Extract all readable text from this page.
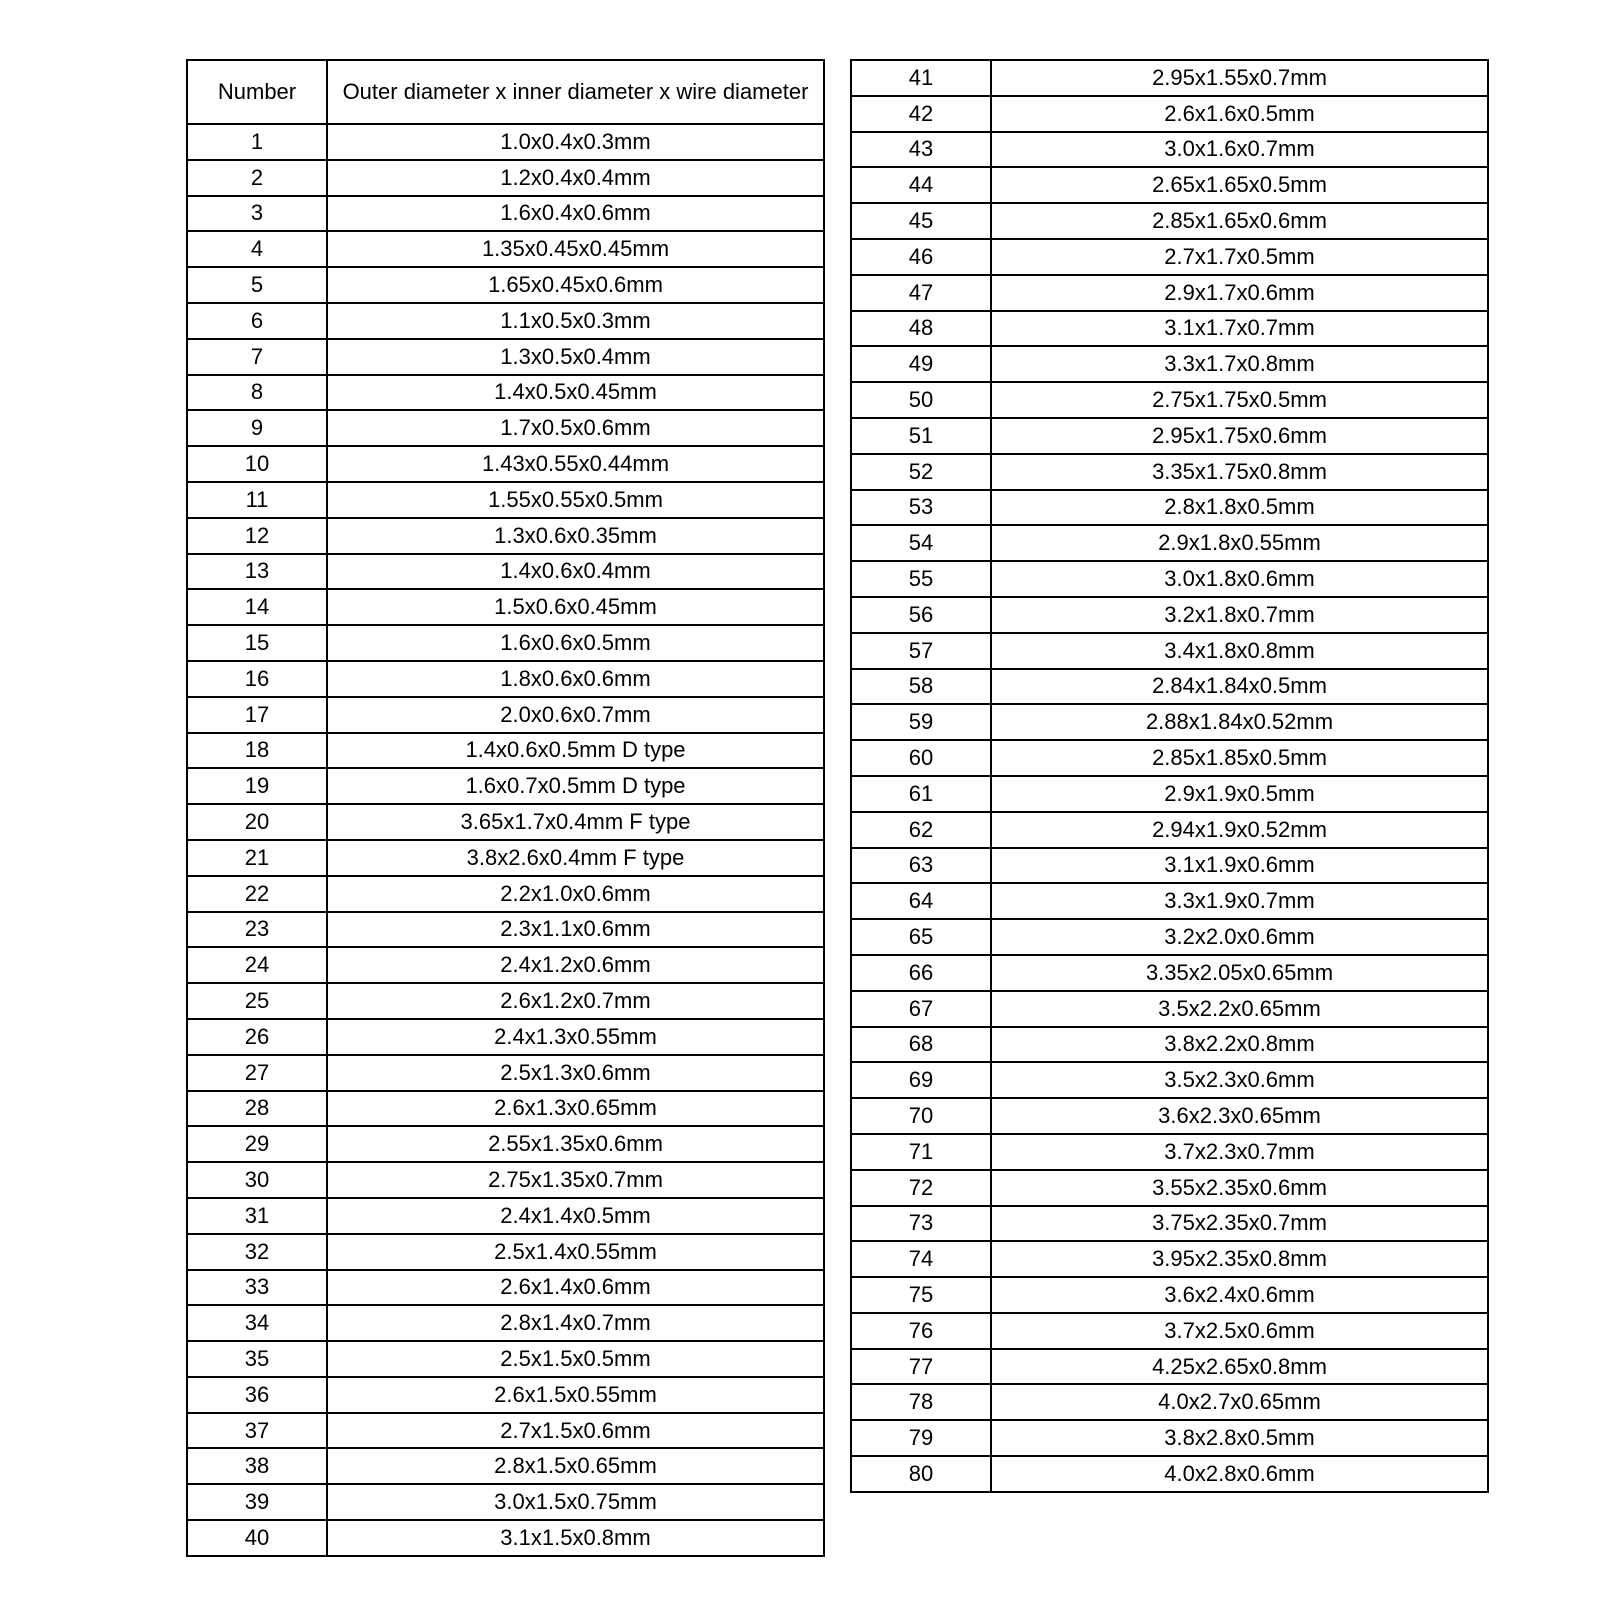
Number	Outer diameter x inner diameter x wire diameter
1	1.0x0.4x0.3mm
2	1.2x0.4x0.4mm
3	1.6x0.4x0.6mm
4	1.35x0.45x0.45mm
5	1.65x0.45x0.6mm
6	1.1x0.5x0.3mm
7	1.3x0.5x0.4mm
8	1.4x0.5x0.45mm
9	1.7x0.5x0.6mm
10	1.43x0.55x0.44mm
11	1.55x0.55x0.5mm
12	1.3x0.6x0.35mm
13	1.4x0.6x0.4mm
14	1.5x0.6x0.45mm
15	1.6x0.6x0.5mm
16	1.8x0.6x0.6mm
17	2.0x0.6x0.7mm
18	1.4x0.6x0.5mm D type
19	1.6x0.7x0.5mm D type
20	3.65x1.7x0.4mm F type
21	3.8x2.6x0.4mm F type
22	2.2x1.0x0.6mm
23	2.3x1.1x0.6mm
24	2.4x1.2x0.6mm
25	2.6x1.2x0.7mm
26	2.4x1.3x0.55mm
27	2.5x1.3x0.6mm
28	2.6x1.3x0.65mm
29	2.55x1.35x0.6mm
30	2.75x1.35x0.7mm
31	2.4x1.4x0.5mm
32	2.5x1.4x0.55mm
33	2.6x1.4x0.6mm
34	2.8x1.4x0.7mm
35	2.5x1.5x0.5mm
36	2.6x1.5x0.55mm
37	2.7x1.5x0.6mm
38	2.8x1.5x0.65mm
39	3.0x1.5x0.75mm
40	3.1x1.5x0.8mm
41	2.95x1.55x0.7mm
42	2.6x1.6x0.5mm
43	3.0x1.6x0.7mm
44	2.65x1.65x0.5mm
45	2.85x1.65x0.6mm
46	2.7x1.7x0.5mm
47	2.9x1.7x0.6mm
48	3.1x1.7x0.7mm
49	3.3x1.7x0.8mm
50	2.75x1.75x0.5mm
51	2.95x1.75x0.6mm
52	3.35x1.75x0.8mm
53	2.8x1.8x0.5mm
54	2.9x1.8x0.55mm
55	3.0x1.8x0.6mm
56	3.2x1.8x0.7mm
57	3.4x1.8x0.8mm
58	2.84x1.84x0.5mm
59	2.88x1.84x0.52mm
60	2.85x1.85x0.5mm
61	2.9x1.9x0.5mm
62	2.94x1.9x0.52mm
63	3.1x1.9x0.6mm
64	3.3x1.9x0.7mm
65	3.2x2.0x0.6mm
66	3.35x2.05x0.65mm
67	3.5x2.2x0.65mm
68	3.8x2.2x0.8mm
69	3.5x2.3x0.6mm
70	3.6x2.3x0.65mm
71	3.7x2.3x0.7mm
72	3.55x2.35x0.6mm
73	3.75x2.35x0.7mm
74	3.95x2.35x0.8mm
75	3.6x2.4x0.6mm
76	3.7x2.5x0.6mm
77	4.25x2.65x0.8mm
78	4.0x2.7x0.65mm
79	3.8x2.8x0.5mm
80	4.0x2.8x0.6mm
